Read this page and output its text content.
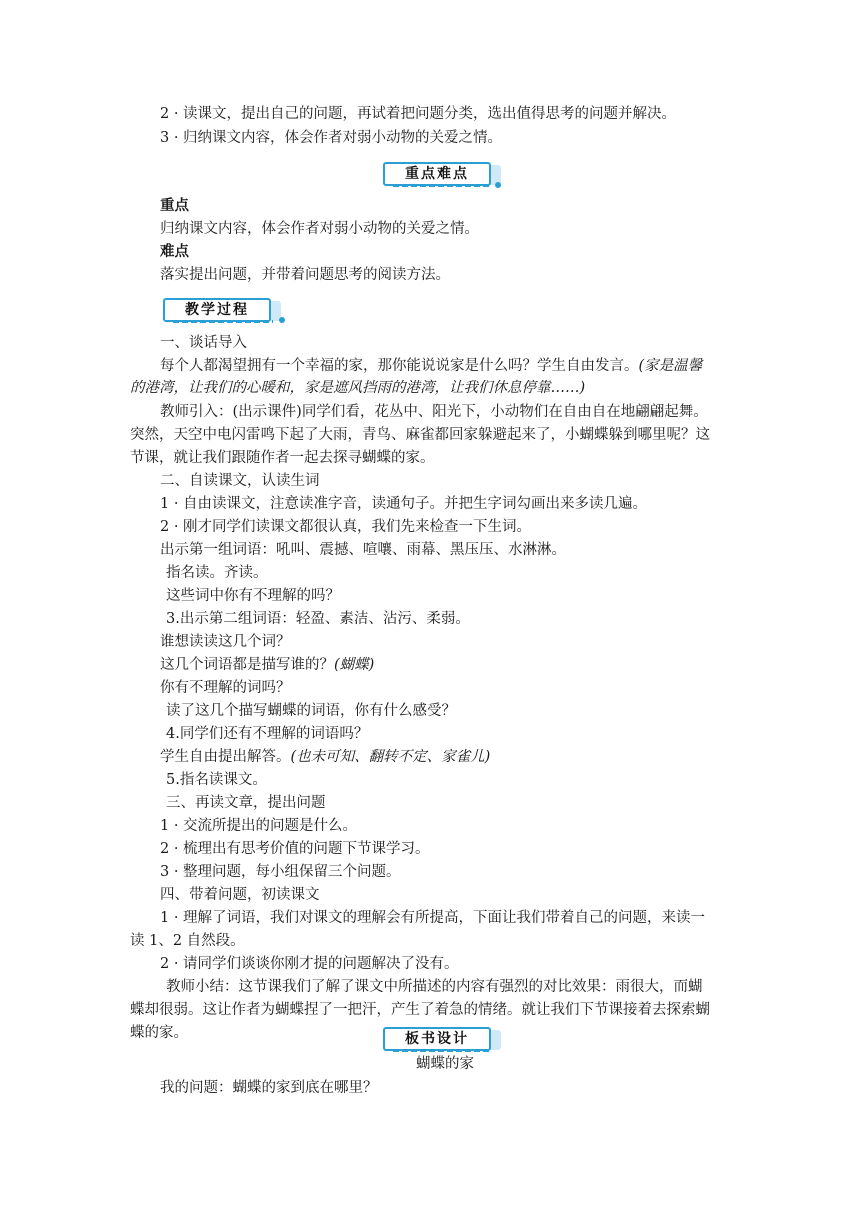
2 · 读课文，提出自己的问题，再试着把问题分类，选出值得思考的问题并解决。
3 · 归纳课文内容，体会作者对弱小动物的关爱之情。
重点难点
重点
归纳课文内容，体会作者对弱小动物的关爱之情。
难点
落实提出问题，并带着问题思考的阅读方法。
教学过程
一、谈话导入
每个人都渴望拥有一个幸福的家，那你能说说家是什么吗？学生自由发言。(家是温馨
的港湾，让我们的心暖和，家是遮风挡雨的港湾，让我们休息停靠……)
教师引入：(出示课件)同学们看，花丛中、阳光下，小动物们在自由自在地翩翩起舞。
突然，天空中电闪雷鸣下起了大雨，青鸟、麻雀都回家躲避起来了，小蝴蝶躲到哪里呢？这
节课，就让我们跟随作者一起去探寻蝴蝶的家。
二、自读课文，认读生词
1 · 自由读课文，注意读准字音，读通句子。并把生字词勾画出来多读几遍。
2 · 刚才同学们读课文都很认真，我们先来检查一下生词。
出示第一组词语：吼叫、震撼、喧嚷、雨幕、黑压压、水淋淋。
指名读。齐读。
这些词中你有不理解的吗？
3.出示第二组词语：轻盈、素洁、沾污、柔弱。
谁想读读这几个词？
这几个词语都是描写谁的？(蝴蝶)
你有不理解的词吗？
读了这几个描写蝴蝶的词语，你有什么感受？
4.同学们还有不理解的词语吗？
学生自由提出解答。(也未可知、翻转不定、家雀儿)
5.指名读课文。
三、再读文章，提出问题
1 · 交流所提出的问题是什么。
2 · 梳理出有思考价值的问题下节课学习。
3 · 整理问题，每小组保留三个问题。
四、带着问题，初读课文
1 · 理解了词语，我们对课文的理解会有所提高，下面让我们带着自己的问题，来读一
读 1、2 自然段。
2 · 请同学们谈谈你刚才提的问题解决了没有。
教师小结：这节课我们了解了课文中所描述的内容有强烈的对比效果：雨很大，而蝴
蝶却很弱。这让作者为蝴蝶捏了一把汗，产生了着急的情绪。就让我们下节课接着去探索蝴
蝶的家。	板书设计
蝴蝶的家
我的问题：蝴蝶的家到底在哪里？
